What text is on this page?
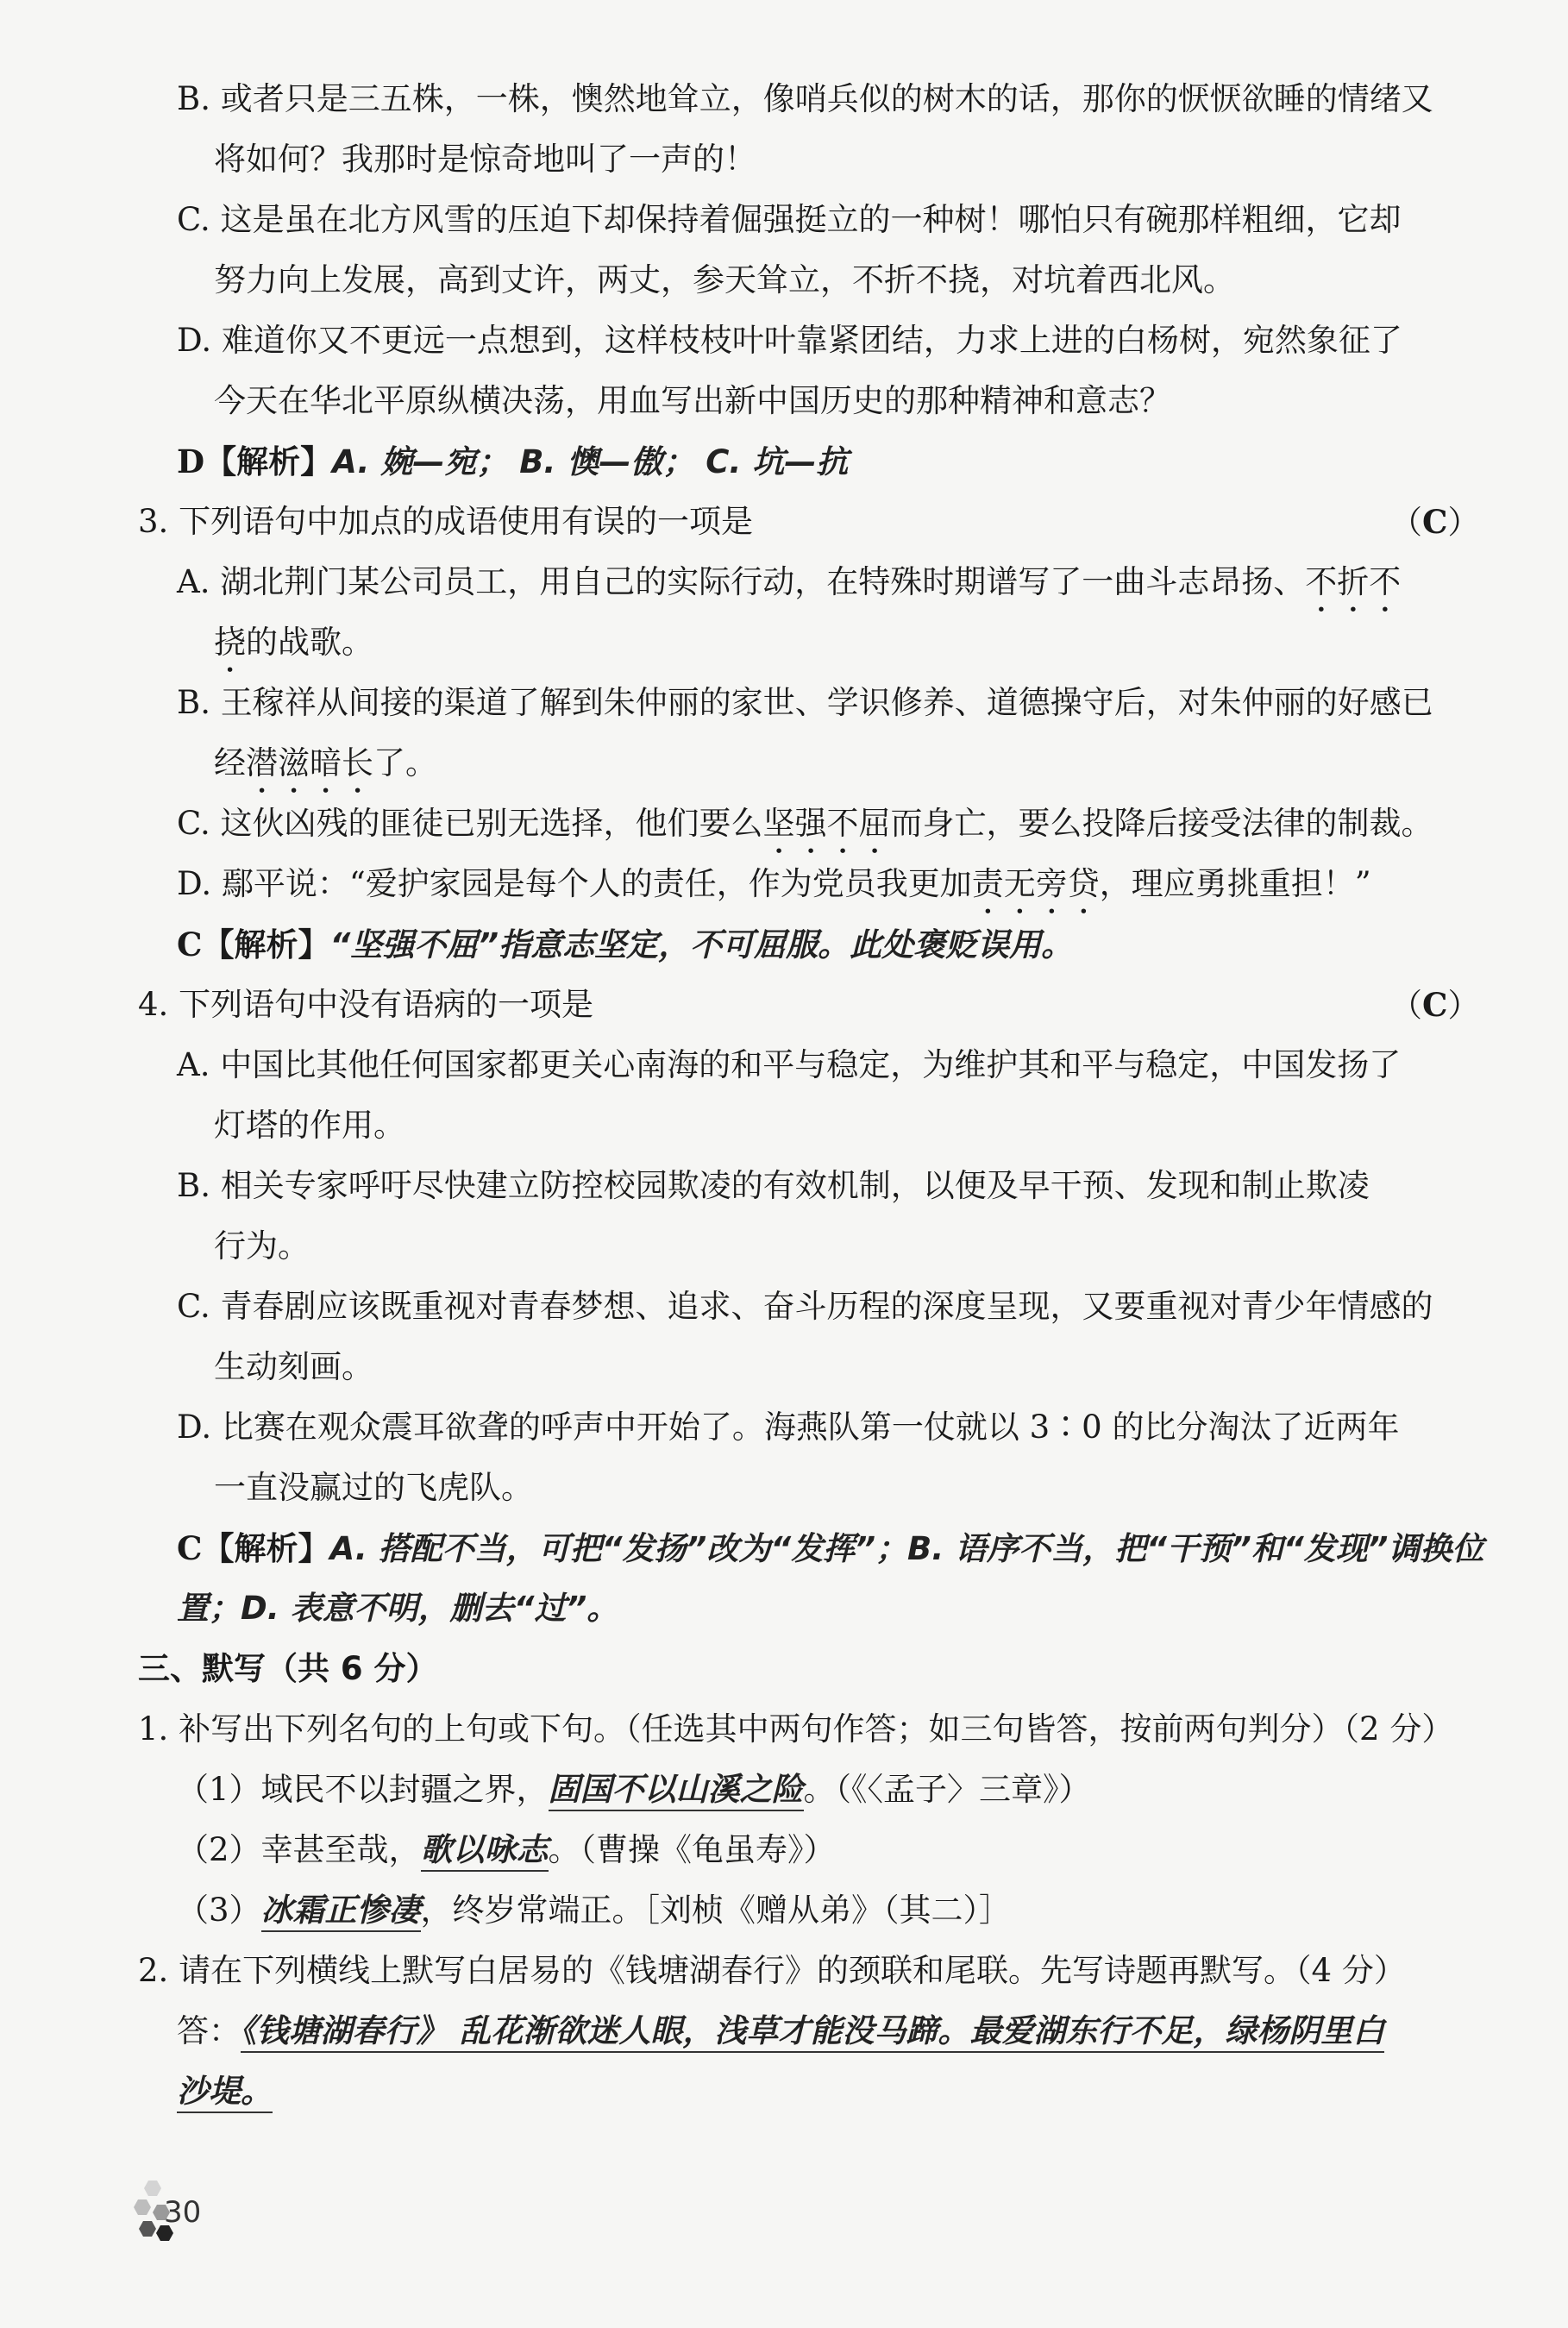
B. 或者只是三五株，一株，懊然地耸立，像哨兵似的树木的话，那你的恹恹欲睡的情绪又
将如何？我那时是惊奇地叫了一声的！
C. 这是虽在北方风雪的压迫下却保持着倔强挺立的一种树！哪怕只有碗那样粗细，它却
努力向上发展，高到丈许，两丈，参天耸立，不折不挠，对坑着西北风。
D. 难道你又不更远一点想到，这样枝枝叶叶靠紧团结，力求上进的白杨树，宛然象征了
今天在华北平原纵横决荡，用血写出新中国历史的那种精神和意志？
D【解析】A. 婉—宛； B. 懊—傲； C. 坑—抗
3. 下列语句中加点的成语使用有误的一项是	（C）
A. 湖北荆门某公司员工，用自己的实际行动，在特殊时期谱写了一曲斗志昂扬、不折不
挠的战歌。
B. 王稼祥从间接的渠道了解到朱仲丽的家世、学识修养、道德操守后，对朱仲丽的好感已
经潜滋暗长了。
C. 这伙凶残的匪徒已别无选择，他们要么坚强不屈而身亡，要么投降后接受法律的制裁。
D. 鄢平说：“爱护家园是每个人的责任，作为党员我更加责无旁贷，理应勇挑重担！”
C【解析】“坚强不屈”指意志坚定，不可屈服。此处褒贬误用。
4. 下列语句中没有语病的一项是	（C）
A. 中国比其他任何国家都更关心南海的和平与稳定，为维护其和平与稳定，中国发扬了
灯塔的作用。
B. 相关专家呼吁尽快建立防控校园欺凌的有效机制，以便及早干预、发现和制止欺凌
行为。
C. 青春剧应该既重视对青春梦想、追求、奋斗历程的深度呈现，又要重视对青少年情感的
生动刻画。
D. 比赛在观众震耳欲聋的呼声中开始了。海燕队第一仗就以 3∶0 的比分淘汰了近两年
一直没赢过的飞虎队。
C【解析】A. 搭配不当，可把“发扬”改为“发挥”；B. 语序不当，把“干预”和“发现”调换位
置；D. 表意不明，删去“过”。
三、默写（共 6 分）
1. 补写出下列名句的上句或下句。（任选其中两句作答；如三句皆答，按前两句判分）（2 分）
（1）域民不以封疆之界，固国不以山溪之险。（《〈孟子〉三章》）
（2）幸甚至哉，歌以咏志。（曹操《龟虽寿》）
（3）冰霜正惨凄，终岁常端正。［刘桢《赠从弟》（其二）］
2. 请在下列横线上默写白居易的《钱塘湖春行》的颈联和尾联。先写诗题再默写。（4 分）
答：《钱塘湖春行》 乱花渐欲迷人眼，浅草才能没马蹄。最爱湖东行不足，绿杨阴里白
沙堤。
30
